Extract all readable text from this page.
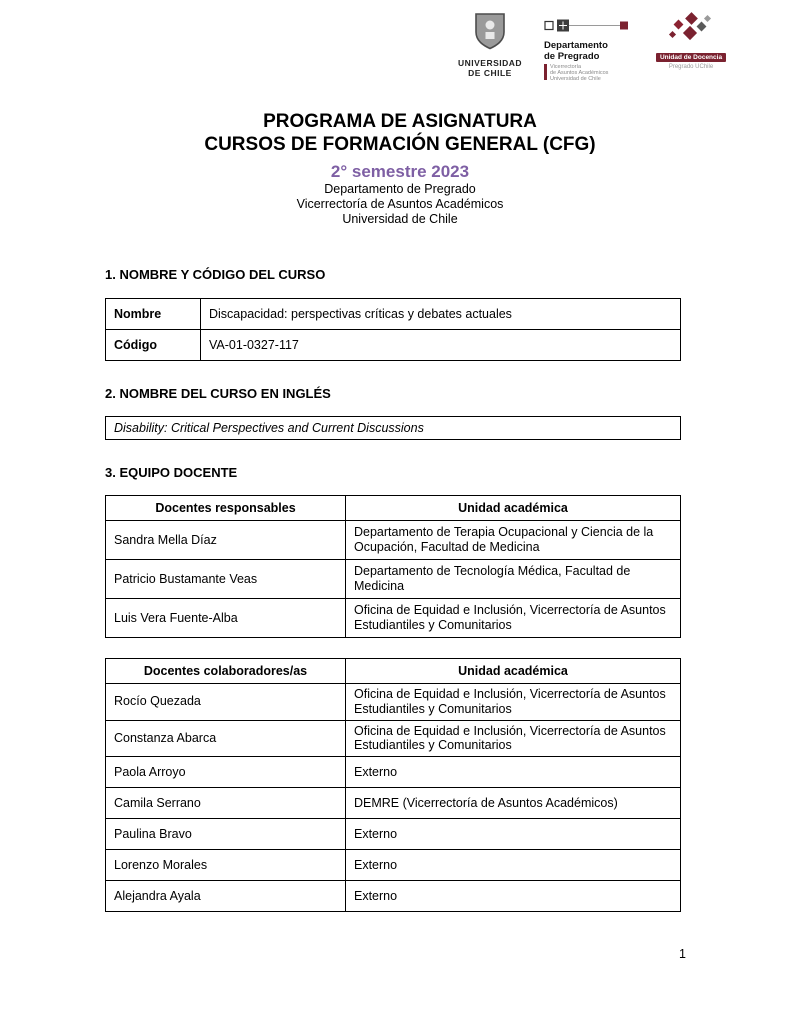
UNIVERSIDAD
DE CHILE
Departamento
de Pregrado
Vicerrectoría
de Asuntos Académicos
Universidad de Chile
Unidad de Docencia
Pregrado UChile
PROGRAMA DE ASIGNATURA
CURSOS DE FORMACIÓN GENERAL (CFG)
2° semestre 2023
Departamento de Pregrado
Vicerrectoría de Asuntos Académicos
Universidad de Chile
1. NOMBRE Y CÓDIGO DEL CURSO
Nombre	Discapacidad: perspectivas críticas y debates actuales
Código	VA-01-0327-117
2. NOMBRE DEL CURSO EN INGLÉS
Disability: Critical Perspectives and Current Discussions
3. EQUIPO DOCENTE
Docentes responsables	Unidad académica
Sandra Mella Díaz	Departamento de Terapia Ocupacional y Ciencia de la Ocupación, Facultad de Medicina
Patricio Bustamante Veas	Departamento de Tecnología Médica, Facultad de Medicina
Luis Vera Fuente-Alba	Oficina de Equidad e Inclusión, Vicerrectoría de Asuntos Estudiantiles y Comunitarios
Docentes colaboradores/as	Unidad académica
Rocío Quezada	Oficina de Equidad e Inclusión, Vicerrectoría de Asuntos Estudiantiles y Comunitarios
Constanza Abarca	Oficina de Equidad e Inclusión, Vicerrectoría de Asuntos Estudiantiles y Comunitarios
Paola Arroyo	Externo
Camila Serrano	DEMRE (Vicerrectoría de Asuntos Académicos)
Paulina Bravo	Externo
Lorenzo Morales	Externo
Alejandra Ayala	Externo
1
